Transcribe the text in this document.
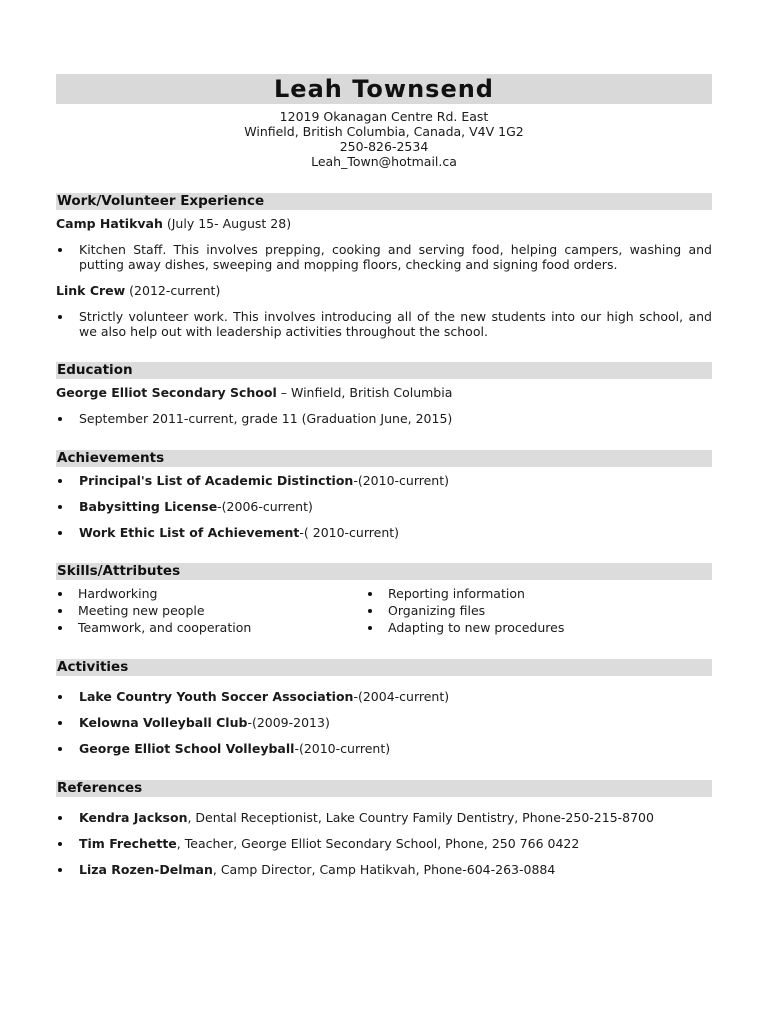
Leah Townsend
12019 Okanagan Centre Rd. East
Winfield, British Columbia, Canada, V4V 1G2
250-826-2534
Leah_Town@hotmail.ca
Work/Volunteer Experience
Camp Hatikvah (July 15- August 28)
Kitchen Staff. This involves prepping, cooking and serving food, helping campers, washing and putting away dishes, sweeping and mopping floors, checking and signing food orders.
Link Crew (2012-current)
Strictly volunteer work. This involves introducing all of the new students into our high school, and we also help out with leadership activities throughout the school.
Education
George Elliot Secondary School – Winfield, British Columbia
September 2011-current, grade 11 (Graduation June, 2015)
Achievements
Principal's List of Academic Distinction-(2010-current)
Babysitting License-(2006-current)
Work Ethic List of Achievement-( 2010-current)
Skills/Attributes
Hardworking
Meeting new people
Teamwork, and cooperation
Reporting information
Organizing files
Adapting to new procedures
Activities
Lake Country Youth Soccer Association-(2004-current)
Kelowna Volleyball Club-(2009-2013)
George Elliot School Volleyball-(2010-current)
References
Kendra Jackson, Dental Receptionist, Lake Country Family Dentistry, Phone-250-215-8700
Tim Frechette, Teacher, George Elliot Secondary School, Phone, 250 766 0422
Liza Rozen-Delman, Camp Director, Camp Hatikvah, Phone-604-263-0884
